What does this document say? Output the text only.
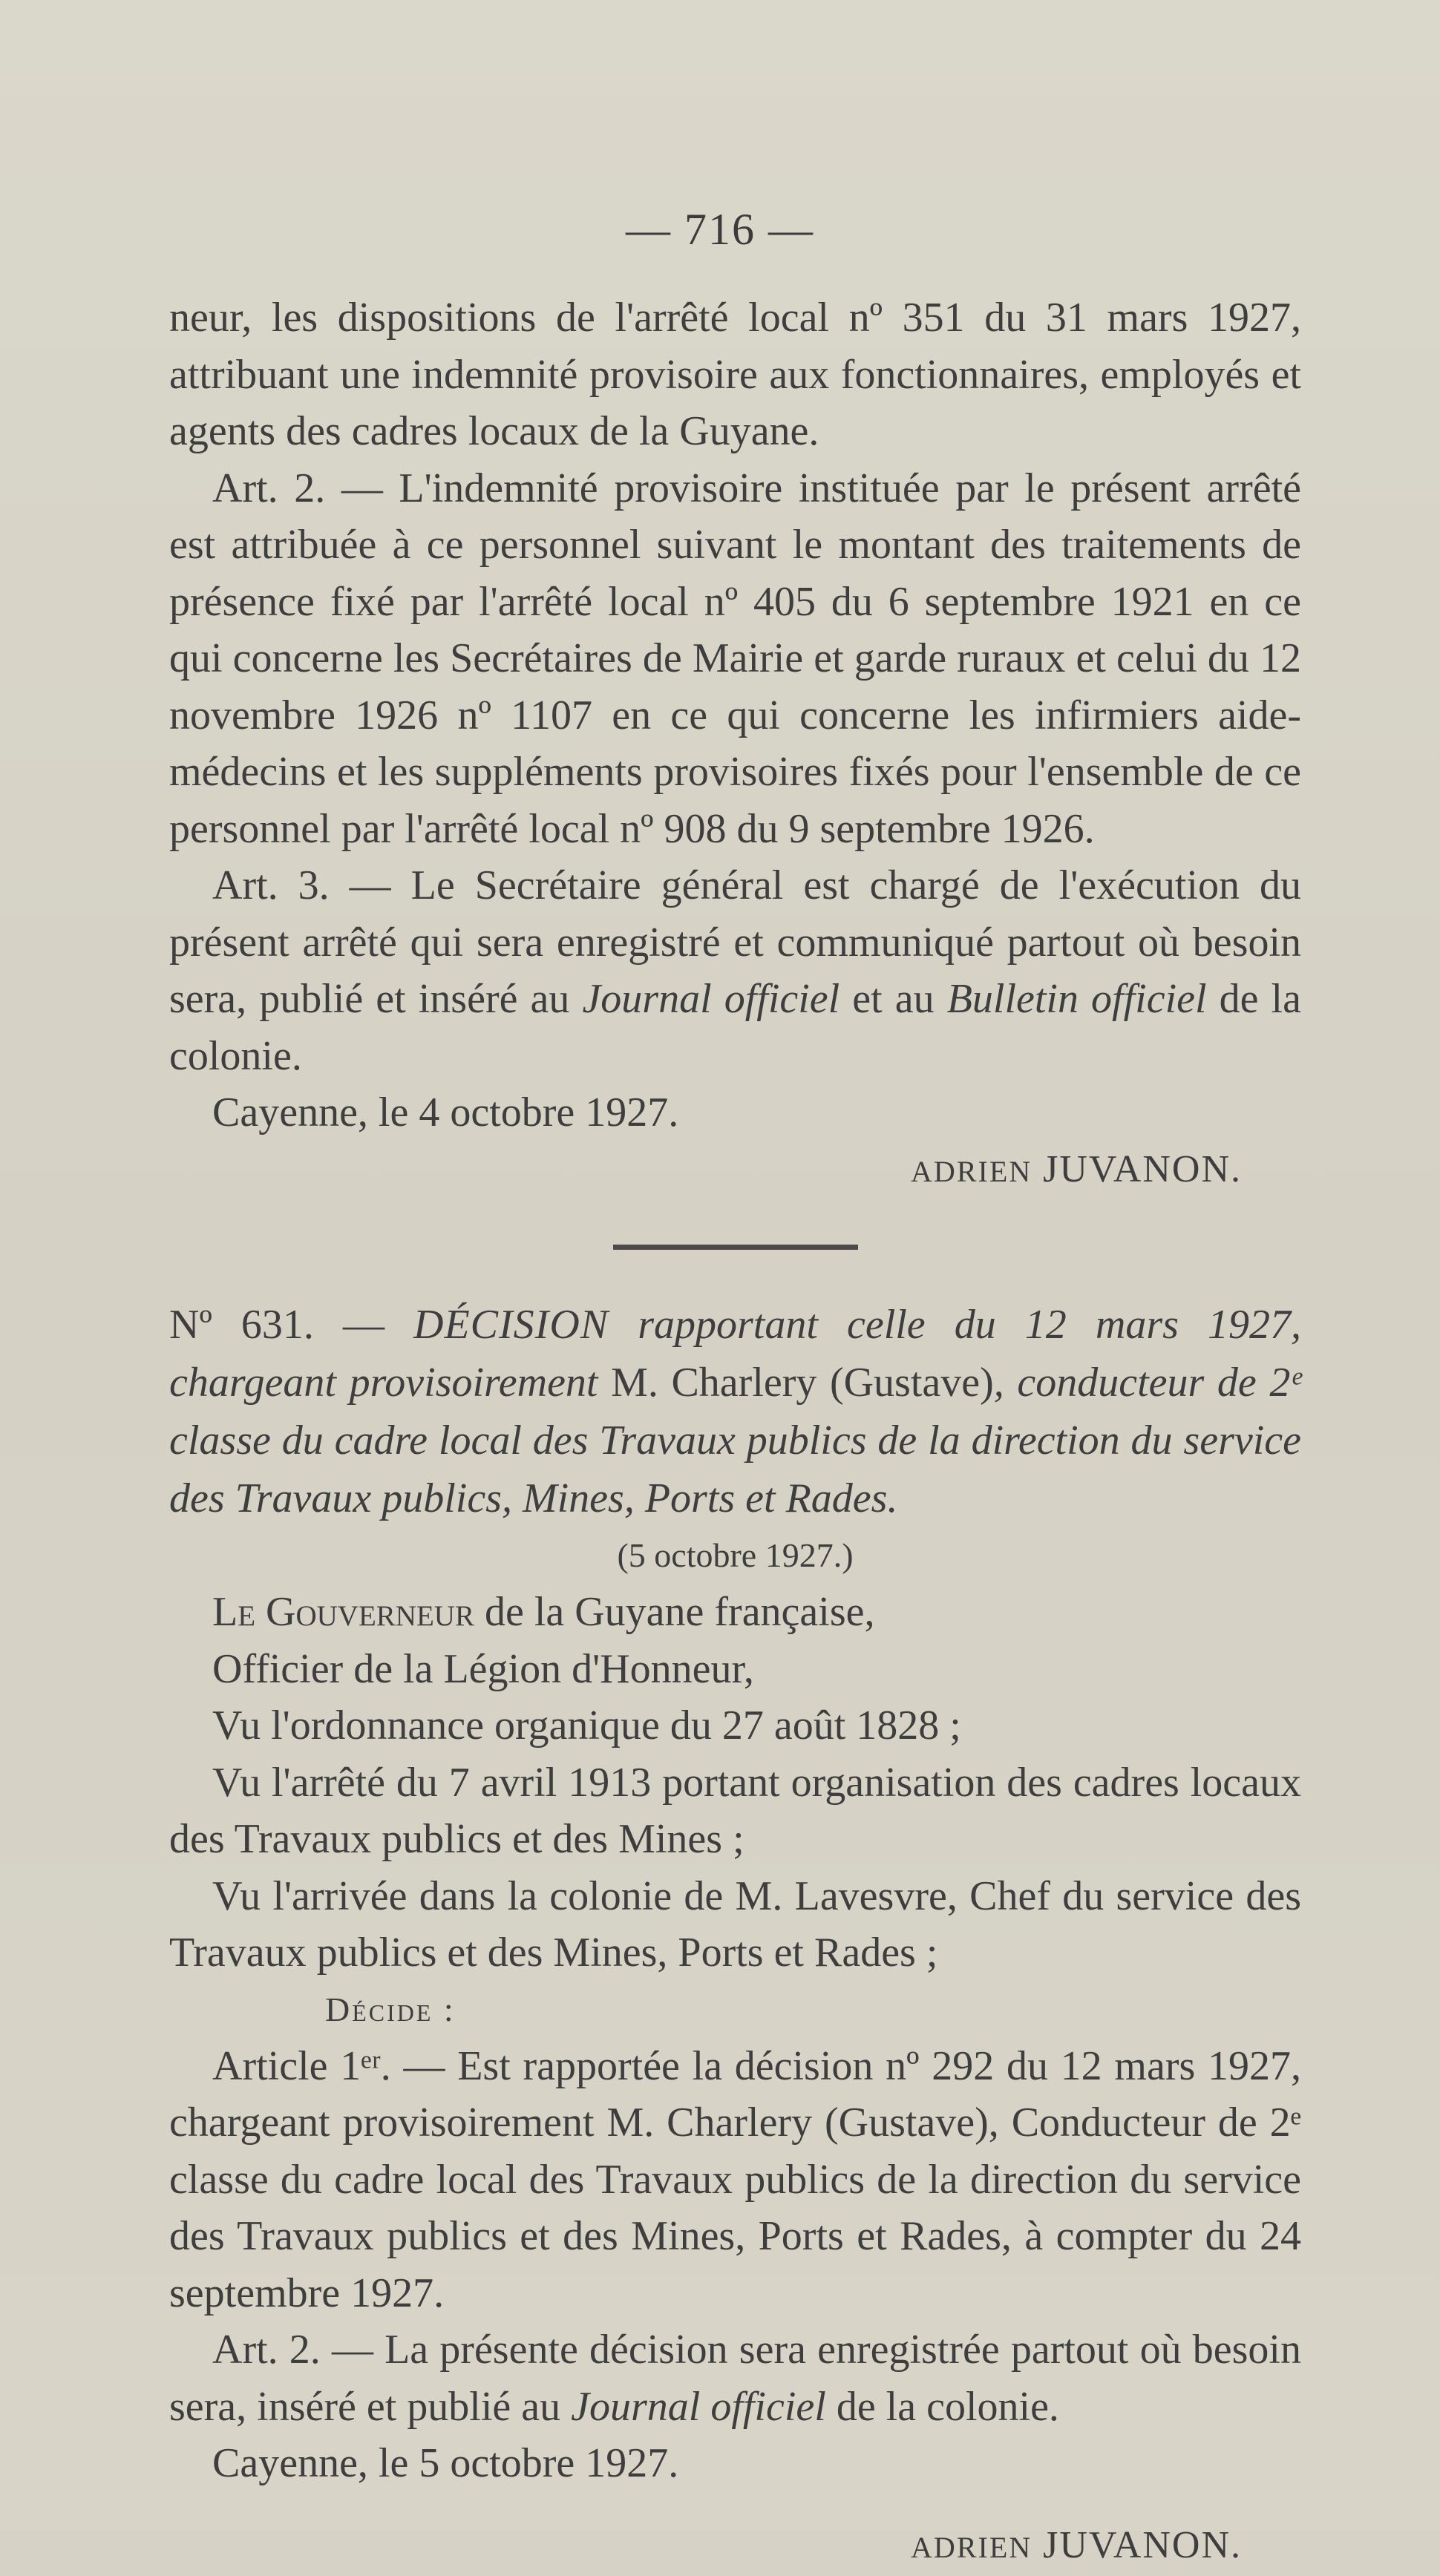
— 716 —

neur, les dispositions de l'arrêté local nº 351 du 31 mars 1927, attribuant une indemnité provisoire aux fonctionnaires, employés et agents des cadres locaux de la Guyane.

Art. 2. — L'indemnité provisoire instituée par le présent arrêté est attribuée à ce personnel suivant le montant des traitements de présence fixé par l'arrêté local nº 405 du 6 septembre 1921 en ce qui concerne les Secrétaires de Mairie et garde ruraux et celui du 12 novembre 1926 nº 1107 en ce qui concerne les infirmiers aide-médecins et les suppléments provisoires fixés pour l'ensemble de ce personnel par l'arrêté local nº 908 du 9 septembre 1926.

Art. 3. — Le Secrétaire général est chargé de l'exécution du présent arrêté qui sera enregistré et communiqué partout où besoin sera, publié et inséré au Journal officiel et au Bulletin officiel de la colonie.

Cayenne, le 4 octobre 1927.

ADRIEN JUVANON.

Nº 631. — DÉCISION rapportant celle du 12 mars 1927, chargeant provisoirement M. Charlery (Gustave), conducteur de 2ᵉ classe du cadre local des Travaux publics de la direction du service des Travaux publics, Mines, Ports et Rades.

(5 octobre 1927.)

Le Gouverneur de la Guyane française,

Officier de la Légion d'Honneur,

Vu l'ordonnance organique du 27 août 1828 ;

Vu l'arrêté du 7 avril 1913 portant organisation des cadres locaux des Travaux publics et des Mines ;

Vu l'arrivée dans la colonie de M. Lavesvre, Chef du service des Travaux publics et des Mines, Ports et Rades ;

Décide :

Article 1ᵉʳ. — Est rapportée la décision nº 292 du 12 mars 1927, chargeant provisoirement M. Charlery (Gustave), Conducteur de 2ᵉ classe du cadre local des Travaux publics de la direction du service des Travaux publics et des Mines, Ports et Rades, à compter du 24 septembre 1927.

Art. 2. — La présente décision sera enregistrée partout où besoin sera, inséré et publié au Journal officiel de la colonie.

Cayenne, le 5 octobre 1927.

ADRIEN JUVANON.
